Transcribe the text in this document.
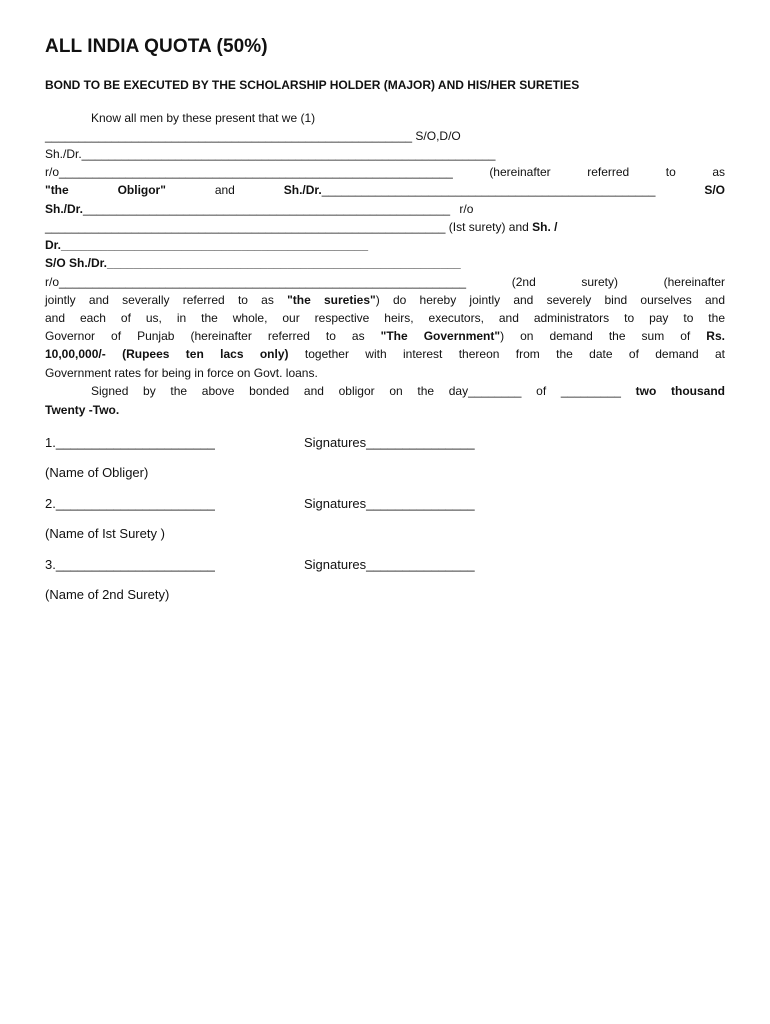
ALL INDIA QUOTA (50%)
BOND TO BE EXECUTED BY THE SCHOLARSHIP HOLDER (MAJOR) AND HIS/HER SURETIES
Know all men by these present that we (1)
_______________________________________________________ S/O,D/O
Sh./Dr.______________________________________________________________
r/o___________________________________________________________	(hereinafter referred to as
"the Obligor"	and	Sh./Dr.__________________________________________________	S/O
Sh./Dr._______________________________________________________ r/o
____________________________________________________________ (Ist surety) and Sh. /
Dr.______________________________________________
S/O Sh./Dr._____________________________________________________
r/o_____________________________________________________________	(2nd surety)	(hereinafter
jointly and severally referred to as "the sureties") do hereby jointly and severely bind ourselves and
and each of us, in the whole, our respective heirs, executors, and administrators to pay to the
Governor of Punjab (hereinafter referred to as "The Government") on demand the sum of Rs.
10,00,000/- (Rupees ten lacs only) together with interest thereon from the date of demand at
Government rates for being in force on Govt. loans.
Signed by the above bonded and obligor on the day________ of _________ two thousand
Twenty -Two.
1.______________________	Signatures_______________
(Name of Obliger)
2.______________________	Signatures_______________
(Name of Ist Surety )
3.______________________	Signatures_______________
(Name of 2nd Surety)
